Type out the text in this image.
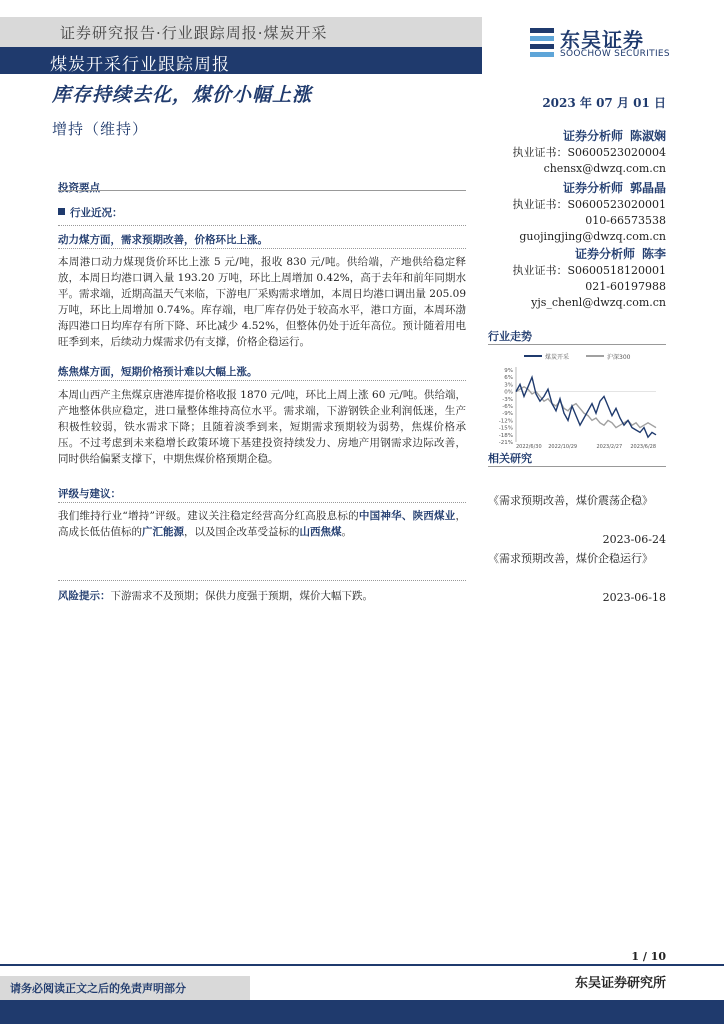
证券研究报告·行业跟踪周报·煤炭开采
煤炭开采行业跟踪周报
东吴证券
SOOCHOW SECURITIES
库存持续去化，煤价小幅上涨
增持（维持）
2023 年 07 月 01 日
证券分析师 陈淑娴
执业证书：S0600523020004
chensx@dwzq.com.cn
证券分析师 郭晶晶
执业证书：S0600523020001
010-66573538
guojingjing@dwzq.com.cn
证券分析师 陈李
执业证书：S0600518120001
021-60197988
yjs_chenl@dwzq.com.cn
投资要点
行业近况：
动力煤方面，需求预期改善，价格环比上涨。
本周港口动力煤现货价环比上涨 5 元/吨，报收 830 元/吨。供给端，产地供给稳定释放，本周日均港口调入量 193.20 万吨，环比上周增加 0.42%，高于去年和前年同期水平。需求端，近期高温天气来临，下游电厂采购需求增加，本周日均港口调出量 205.09 万吨，环比上周增加 0.74%。库存端，电厂库存仍处于较高水平，港口方面，本周环渤海四港口日均库存有所下降、环比减少 4.52%，但整体仍处于近年高位。预计随着用电旺季到来，后续动力煤需求仍有支撑，价格企稳运行。
炼焦煤方面，短期价格预计难以大幅上涨。
本周山西产主焦煤京唐港库提价格收报 1870 元/吨，环比上周上涨 60 元/吨。供给端，产地整体供应稳定，进口量整体维持高位水平。需求端，下游钢铁企业利润低迷，生产积极性较弱，铁水需求下降；且随着淡季到来，短期需求预期较为弱势，焦煤价格承压。不过考虑到未来稳增长政策环境下基建投资持续发力、房地产用钢需求边际改善，同时供给偏紧支撑下，中期焦煤价格预期企稳。
评级与建议：
我们维持行业“增持”评级。建议关注稳定经营高分红高股息标的中国神华、陕西煤业，高成长低估值标的广汇能源，以及国企改革受益标的山西焦煤。
风险提示：下游需求不及预期；保供力度强于预期，煤价大幅下跌。
行业走势
煤炭开采	沪深300
9%
6%
3%
0%
-3%
-6%
-9%
-12%
-15%
-18%
-21%
2022/6/30 2022/10/29	2023/2/27 2023/6/28
相关研究
《需求预期改善，煤价震荡企稳》
2023-06-24
《需求预期改善，煤价企稳运行》
2023-06-18
1 / 10
东吴证券研究所
请务必阅读正文之后的免责声明部分
